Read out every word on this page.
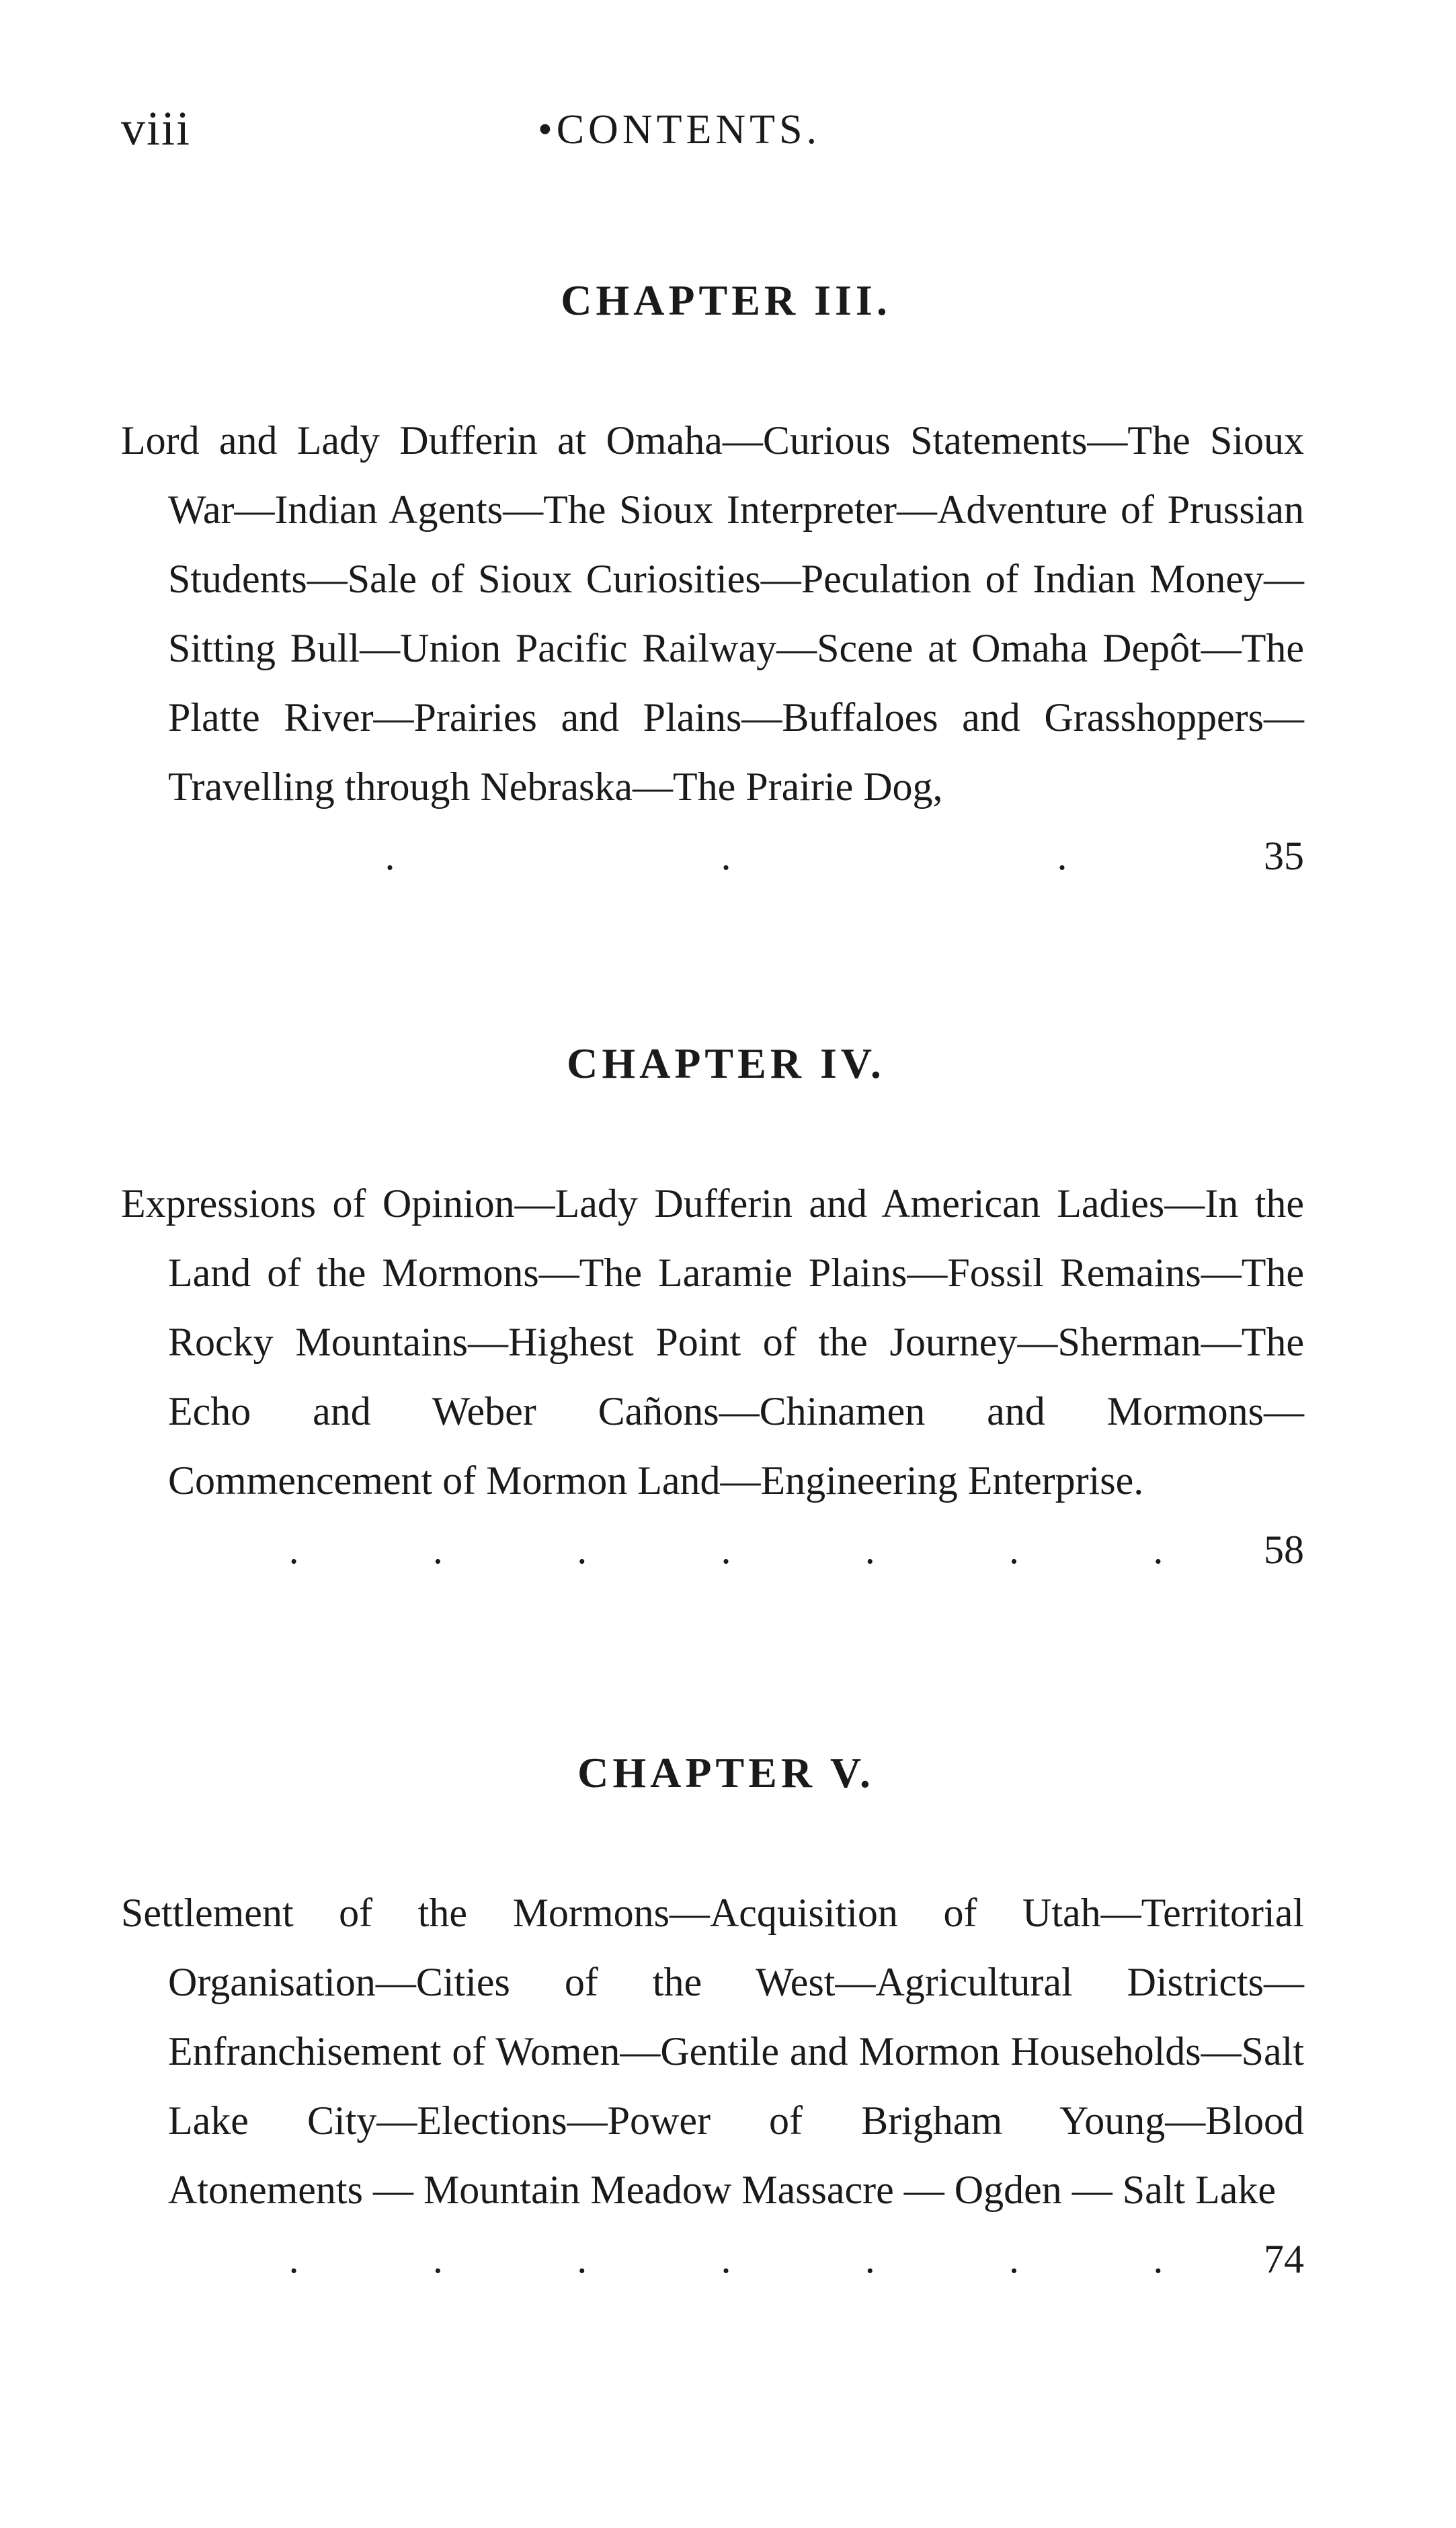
viii	•CONTENTS.
CHAPTER III.
Lord and Lady Dufferin at Omaha—Curious Statements—The Sioux War—Indian Agents—The Sioux Interpreter—Adventure of Prussian Students—Sale of Sioux Curiosities—Peculation of Indian Money—Sitting Bull—Union Pacific Railway—Scene at Omaha Depôt—The Platte River—Prairies and Plains—Buffaloes and Grasshoppers—Travelling through Nebraska—The Prairie Dog,
.	.	.	35
CHAPTER IV.
Expressions of Opinion—Lady Dufferin and American Ladies—In the Land of the Mormons—The Laramie Plains—Fossil Remains—The Rocky Mountains—Highest Point of the Journey—Sherman—The Echo and Weber Cañons—Chinamen and Mormons—Commencement of Mormon Land—Engineering Enterprise.
.	.	.	.	.	.	. 58
CHAPTER V.
Settlement of the Mormons—Acquisition of Utah—Territorial Organisation—Cities of the West—Agricultural Districts—Enfranchisement of Women—Gentile and Mormon Households—Salt Lake City—Elections—Power of Brigham Young—Blood Atonements — Mountain Meadow Massacre — Ogden — Salt Lake
.	.	.	.	.	.	. 74
